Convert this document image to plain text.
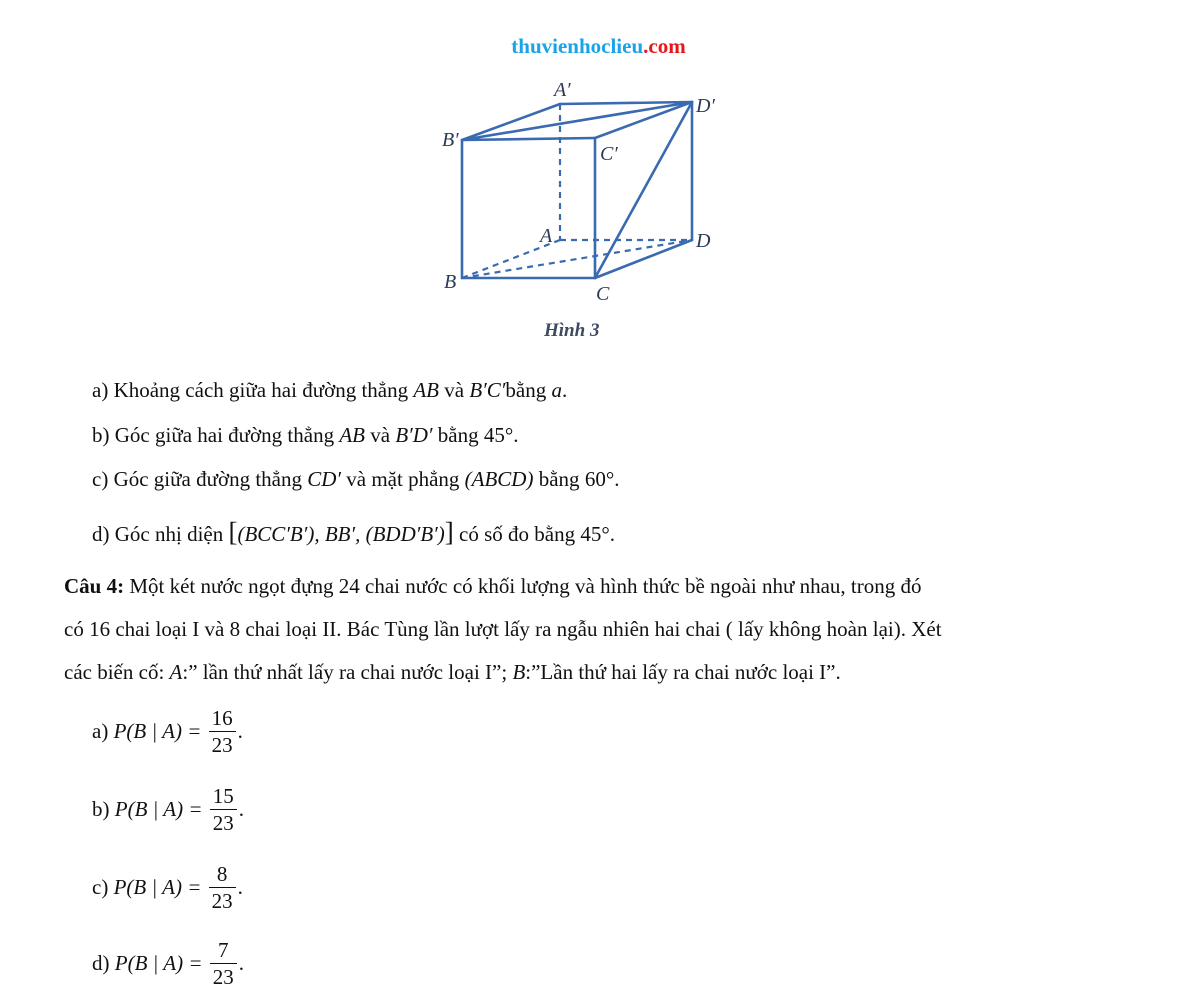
thuvienhoclieu.com
A′
D′
B′
C′
A	D
B
C
Hình 3
a) Khoảng cách giữa hai đường thẳng AB và B′C′bằng a.
b) Góc giữa hai đường thẳng AB và B′D′ bằng 45°.
c) Góc giữa đường thẳng CD′ và mặt phẳng (ABCD) bằng 60°.
d) Góc nhị diện [(BCC′B′), BB′, (BDD′B′)] có số đo bằng 45°.
Câu 4: Một két nước ngọt đựng 24 chai nước có khối lượng và hình thức bề ngoài như nhau, trong đó
có 16 chai loại I và 8 chai loại II. Bác Tùng lần lượt lấy ra ngẫu nhiên hai chai ( lấy không hoàn lại). Xét
các biến cố: A:” lần thứ nhất lấy ra chai nước loại I”; B:”Lần thứ hai lấy ra chai nước loại I”.
a) P(B | $A) = \frac{16}{23}$ .
b) P(B | $A) = \frac{15}{23}$ .
c) P(B | $A) = \frac{8}{23}$ .
d) P(B | $A) = \frac{7}{23}$ .
